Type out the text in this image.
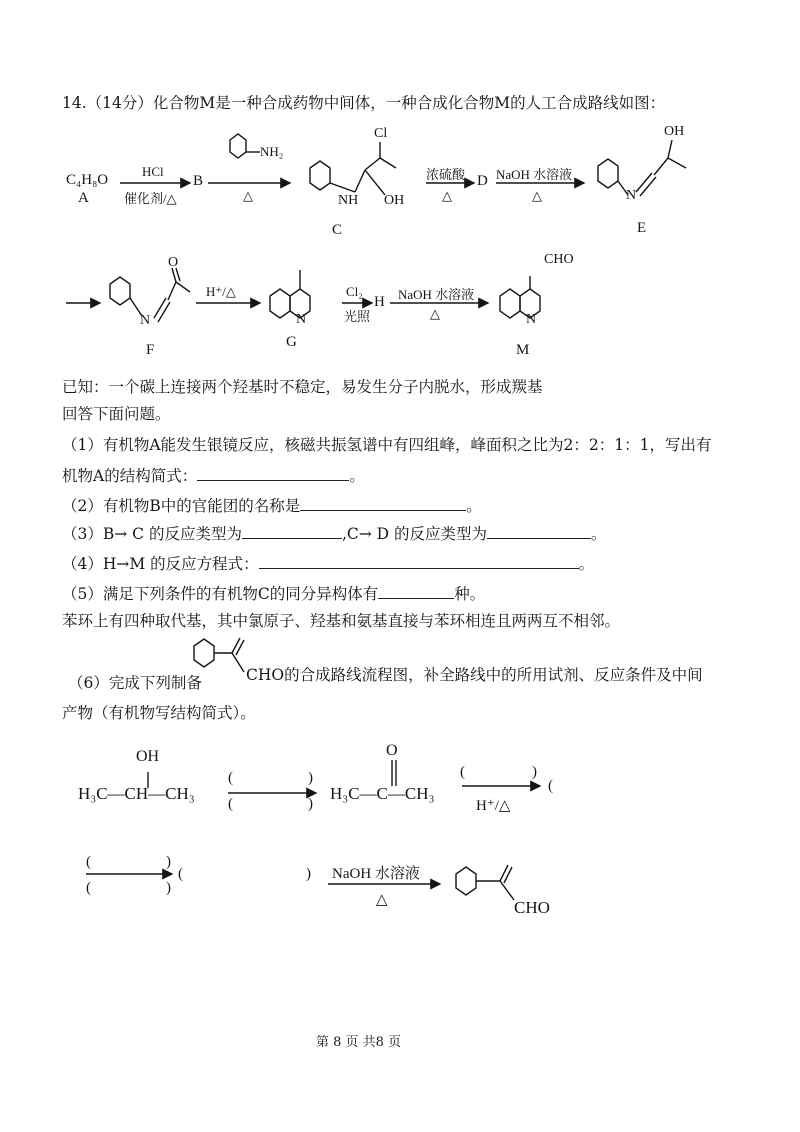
14.（14分）化合物M是一种合成药物中间体，一种合成化合物M的人工合成路线如图：
C₄H₈O
A
HCl
催化剂/△
B
NH₂
△
Cl
NH OH
C
浓硫酸
△
D NaOH 水溶液
△
OH
N
E
O
N
F
H⁺/△
N
G
Cl₂
光照
H NaOH 水溶液
△
CHO
N
M
已知：一个碳上连接两个羟基时不稳定，易发生分子内脱水，形成羰基
回答下面问题。
（1）有机物A能发生银镜反应，核磁共振氢谱中有四组峰，峰面积之比为2：2：1：1，写出有
机物A的结构简式：	。
（2）有机物B中的官能团的名称是	。
（3）B→ C 的反应类型为	,C→ D 的反应类型为	。
（4）H→M 的反应方程式：	。
（5）满足下列条件的有机物C的同分异构体有	种。
苯环上有四种取代基，其中氯原子、羟基和氨基直接与苯环相连且两两互不相邻。
（6）完成下列制备	CHO的合成路线流程图，补全路线中的所用试剂、反应条件及中间
产物（有机物写结构简式）。
OH
H₃C—CH—CH₃
(	)
(	)
O
H₃C—C—CH₃
(	)
H⁺/△
(
(	)
(	)
(	) NaOH 水溶液
△	CHO
第 8 页 共8 页
